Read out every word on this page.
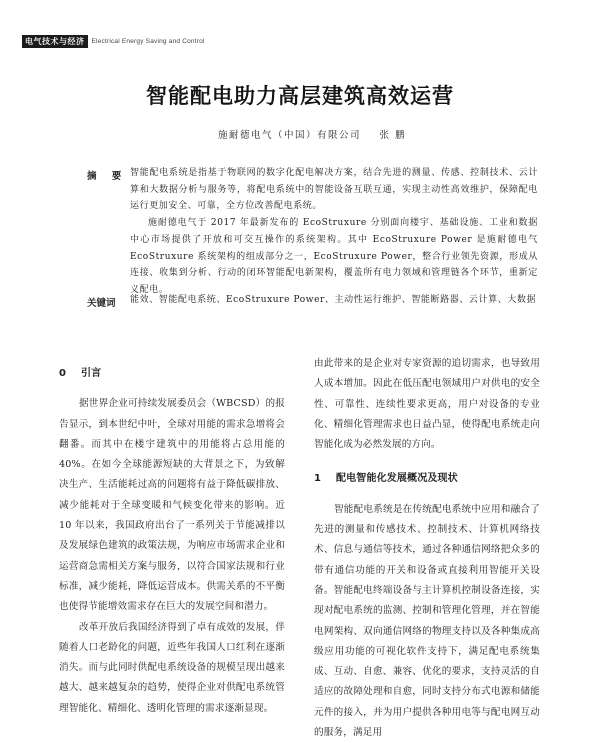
电气技术与经济	Electrical Energy Saving and Control
智能配电助力高层建筑高效运营
施耐德电气（中国）有限公司 张 鹏
摘 要 智能配电系统是指基于物联网的数字化配电解决方案，结合先进的测量、传感、控制技术、云计算和大数据分析与服务等，将配电系统中的智能设备互联互通，实现主动性高效维护，保障配电运行更加安全、可靠，全方位改善配电系统。

施耐德电气于 2017 年最新发布的 EcoStruxure 分别面向楼宇、基础设施、工业和数据中心市场提供了开放和可交互操作的系统架构。其中 EcoStruxure Power 是施耐德电气 EcoStruxure 系统架构的组成部分之一，EcoStruxure Power，整合行业领先资源，形成从连接、收集到分析、行动的闭环智能配电新架构，覆盖所有电力领域和管理链各个环节，重新定义配电。

关键词	能效、智能配电系统、EcoStruxure Power、主动性运行维护、智能断路器、云计算、大数据

0 引言

据世界企业可持续发展委员会（WBCSD）的报告显示，到本世纪中叶，全球对用能的需求急增将会翻番。而其中在楼宇建筑中的用能将占总用能的 40%。在如今全球能源短缺的大背景之下，为致解决生产、生活能耗过高的问题将有益于降低碳排放、减少能耗对于全球变暖和气候变化带来的影响。近 10 年以来，我国政府出台了一系列关于节能减排以及发展绿色建筑的政策法规，为响应市场需求企业和运营商急需相关方案与服务，以符合国家法规和行业标准，减少能耗，降低运营成本。供需关系的不平衡也使得节能增效需求存在巨大的发展空间和潜力。

改革开放后我国经济得到了卓有成效的发展，伴随着人口老龄化的问题，近些年我国人口红利在逐渐消失。而与此同时供配电系统设备的规模呈现出越来越大、越来越复杂的趋势，使得企业对供配电系统管理智能化、精细化、透明化管理的需求逐渐显现。

由此带来的是企业对专家资源的追切需求，也导致用人成本增加。因此在低压配电领域用户对供电的安全性、可靠性、连续性要求更高，用户对设备的专业化、精细化管理需求也日益凸显，使得配电系统走向智能化成为必然发展的方向。

1 配电智能化发展概况及现状

智能配电系统是在传统配电系统中应用和融合了先进的测量和传感技术、控制技术、计算机网络技术、信息与通信等技术，通过各种通信网络把众多的带有通信功能的开关和设备或直接利用智能开关设备。智能配电终端设备与主计算机控制设备连接，实现对配电系统的监测、控制和管理化管理，并在智能电网架构、双向通信网络的物理支持以及各种集成高级应用功能的可视化软件支持下，满足配电系统集成、互动、自愈、兼容、优化的要求，支持灵活的自适应的故障处理和自愈，同时支持分布式电源和储能元件的接入，并为用户提供各种用电等与配电网互动的服务，满足用
